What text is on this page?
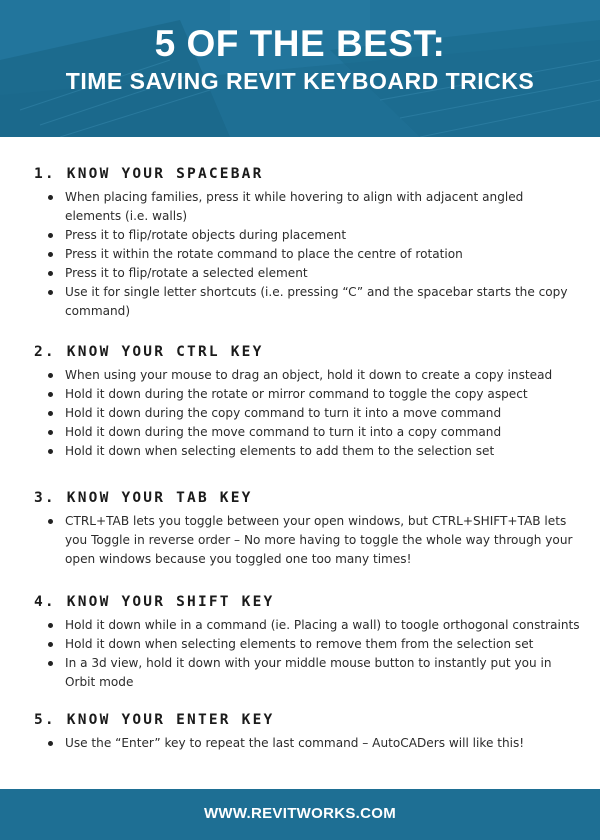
5 OF THE BEST:
TIME SAVING REVIT KEYBOARD TRICKS
1. KNOW YOUR SPACEBAR
When placing families, press it while hovering to align with adjacent angled elements (i.e. walls)
Press it to flip/rotate objects during placement
Press it within the rotate command to place the centre of rotation
Press it to flip/rotate a selected element
Use it for single letter shortcuts (i.e. pressing “C” and the spacebar starts the copy command)
2. KNOW YOUR CTRL KEY
When using your mouse to drag an object, hold it down to create a copy instead
Hold it down during the rotate or mirror command to toggle the copy aspect
Hold it down during the copy command to turn it into a move command
Hold it down during the move command to turn it into a copy command
Hold it down when selecting elements to add them to the selection set
3. KNOW YOUR TAB KEY
CTRL+TAB lets you toggle between your open windows, but CTRL+SHIFT+TAB lets you Toggle in reverse order – No more having to toggle the whole way through your open windows because you toggled one too many times!
4. KNOW YOUR SHIFT KEY
Hold it down while in a command (ie. Placing a wall) to toogle orthogonal constraints
Hold it down when selecting elements to remove them from the selection set
In a 3d view, hold it down with your middle mouse button to instantly put you in Orbit mode
5. KNOW YOUR ENTER KEY
Use the “Enter” key to repeat the last command – AutoCADers will like this!
WWW.REVITWORKS.COM
